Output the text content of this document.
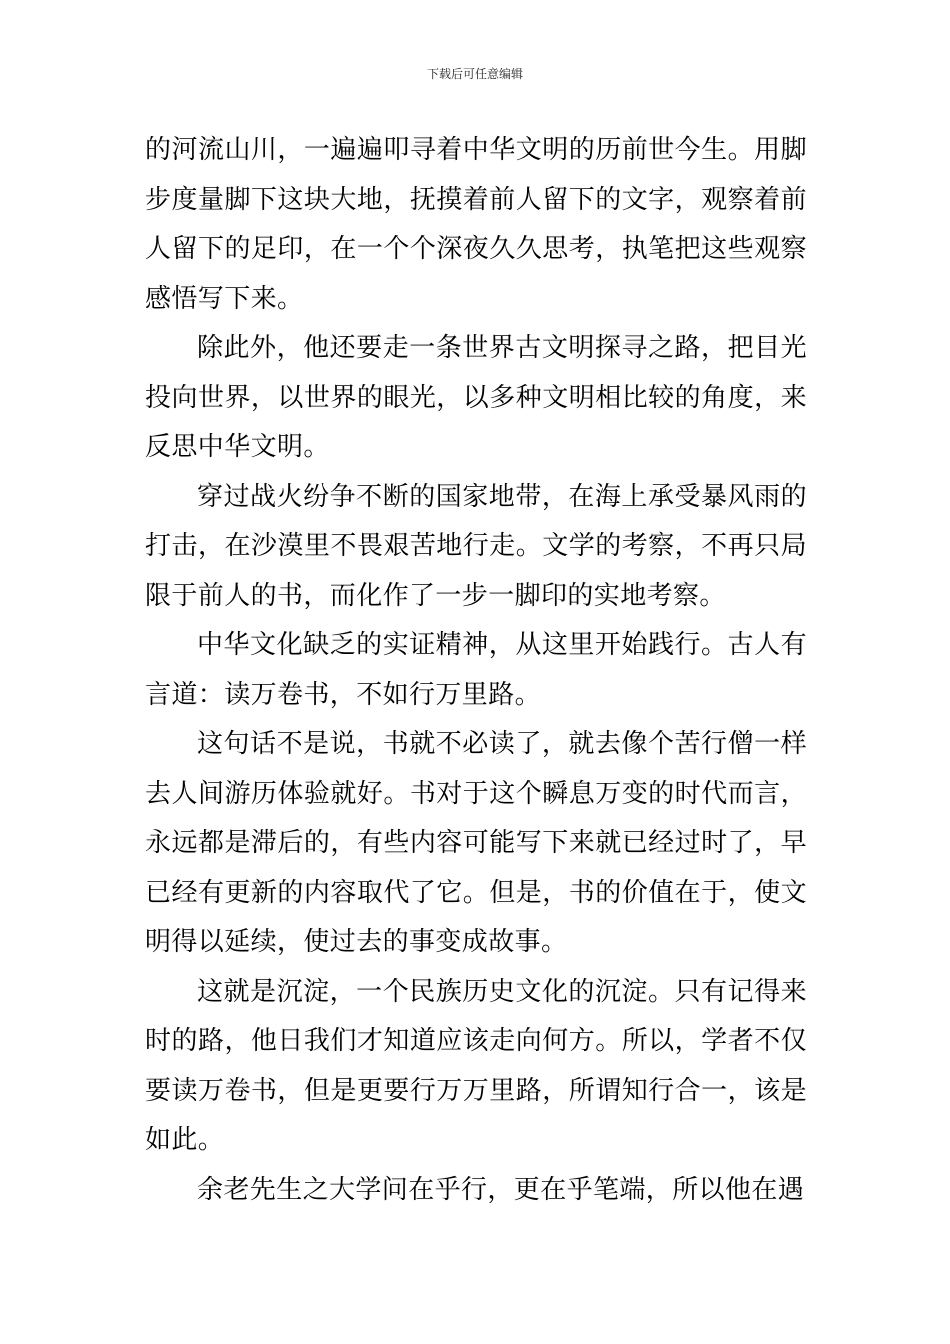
下载后可任意编辑

的河流山川，一遍遍叩寻着中华文明的历前世今生。用脚步度量脚下这块大地，抚摸着前人留下的文字，观察着前人留下的足印，在一个个深夜久久思考，执笔把这些观察感悟写下来。

除此外，他还要走一条世界古文明探寻之路，把目光投向世界，以世界的眼光，以多种文明相比较的角度，来反思中华文明。

穿过战火纷争不断的国家地带，在海上承受暴风雨的打击，在沙漠里不畏艰苦地行走。文学的考察，不再只局限于前人的书，而化作了一步一脚印的实地考察。

中华文化缺乏的实证精神，从这里开始践行。古人有言道：读万卷书，不如行万里路。

这句话不是说，书就不必读了，就去像个苦行僧一样去人间游历体验就好。书对于这个瞬息万变的时代而言，永远都是滞后的，有些内容可能写下来就已经过时了，早已经有更新的内容取代了它。但是，书的价值在于，使文明得以延续，使过去的事变成故事。

这就是沉淀，一个民族历史文化的沉淀。只有记得来时的路，他日我们才知道应该走向何方。所以，学者不仅要读万卷书，但是更要行万万里路，所谓知行合一，该是如此。

余老先生之大学问在乎行，更在乎笔端，所以他在遇
